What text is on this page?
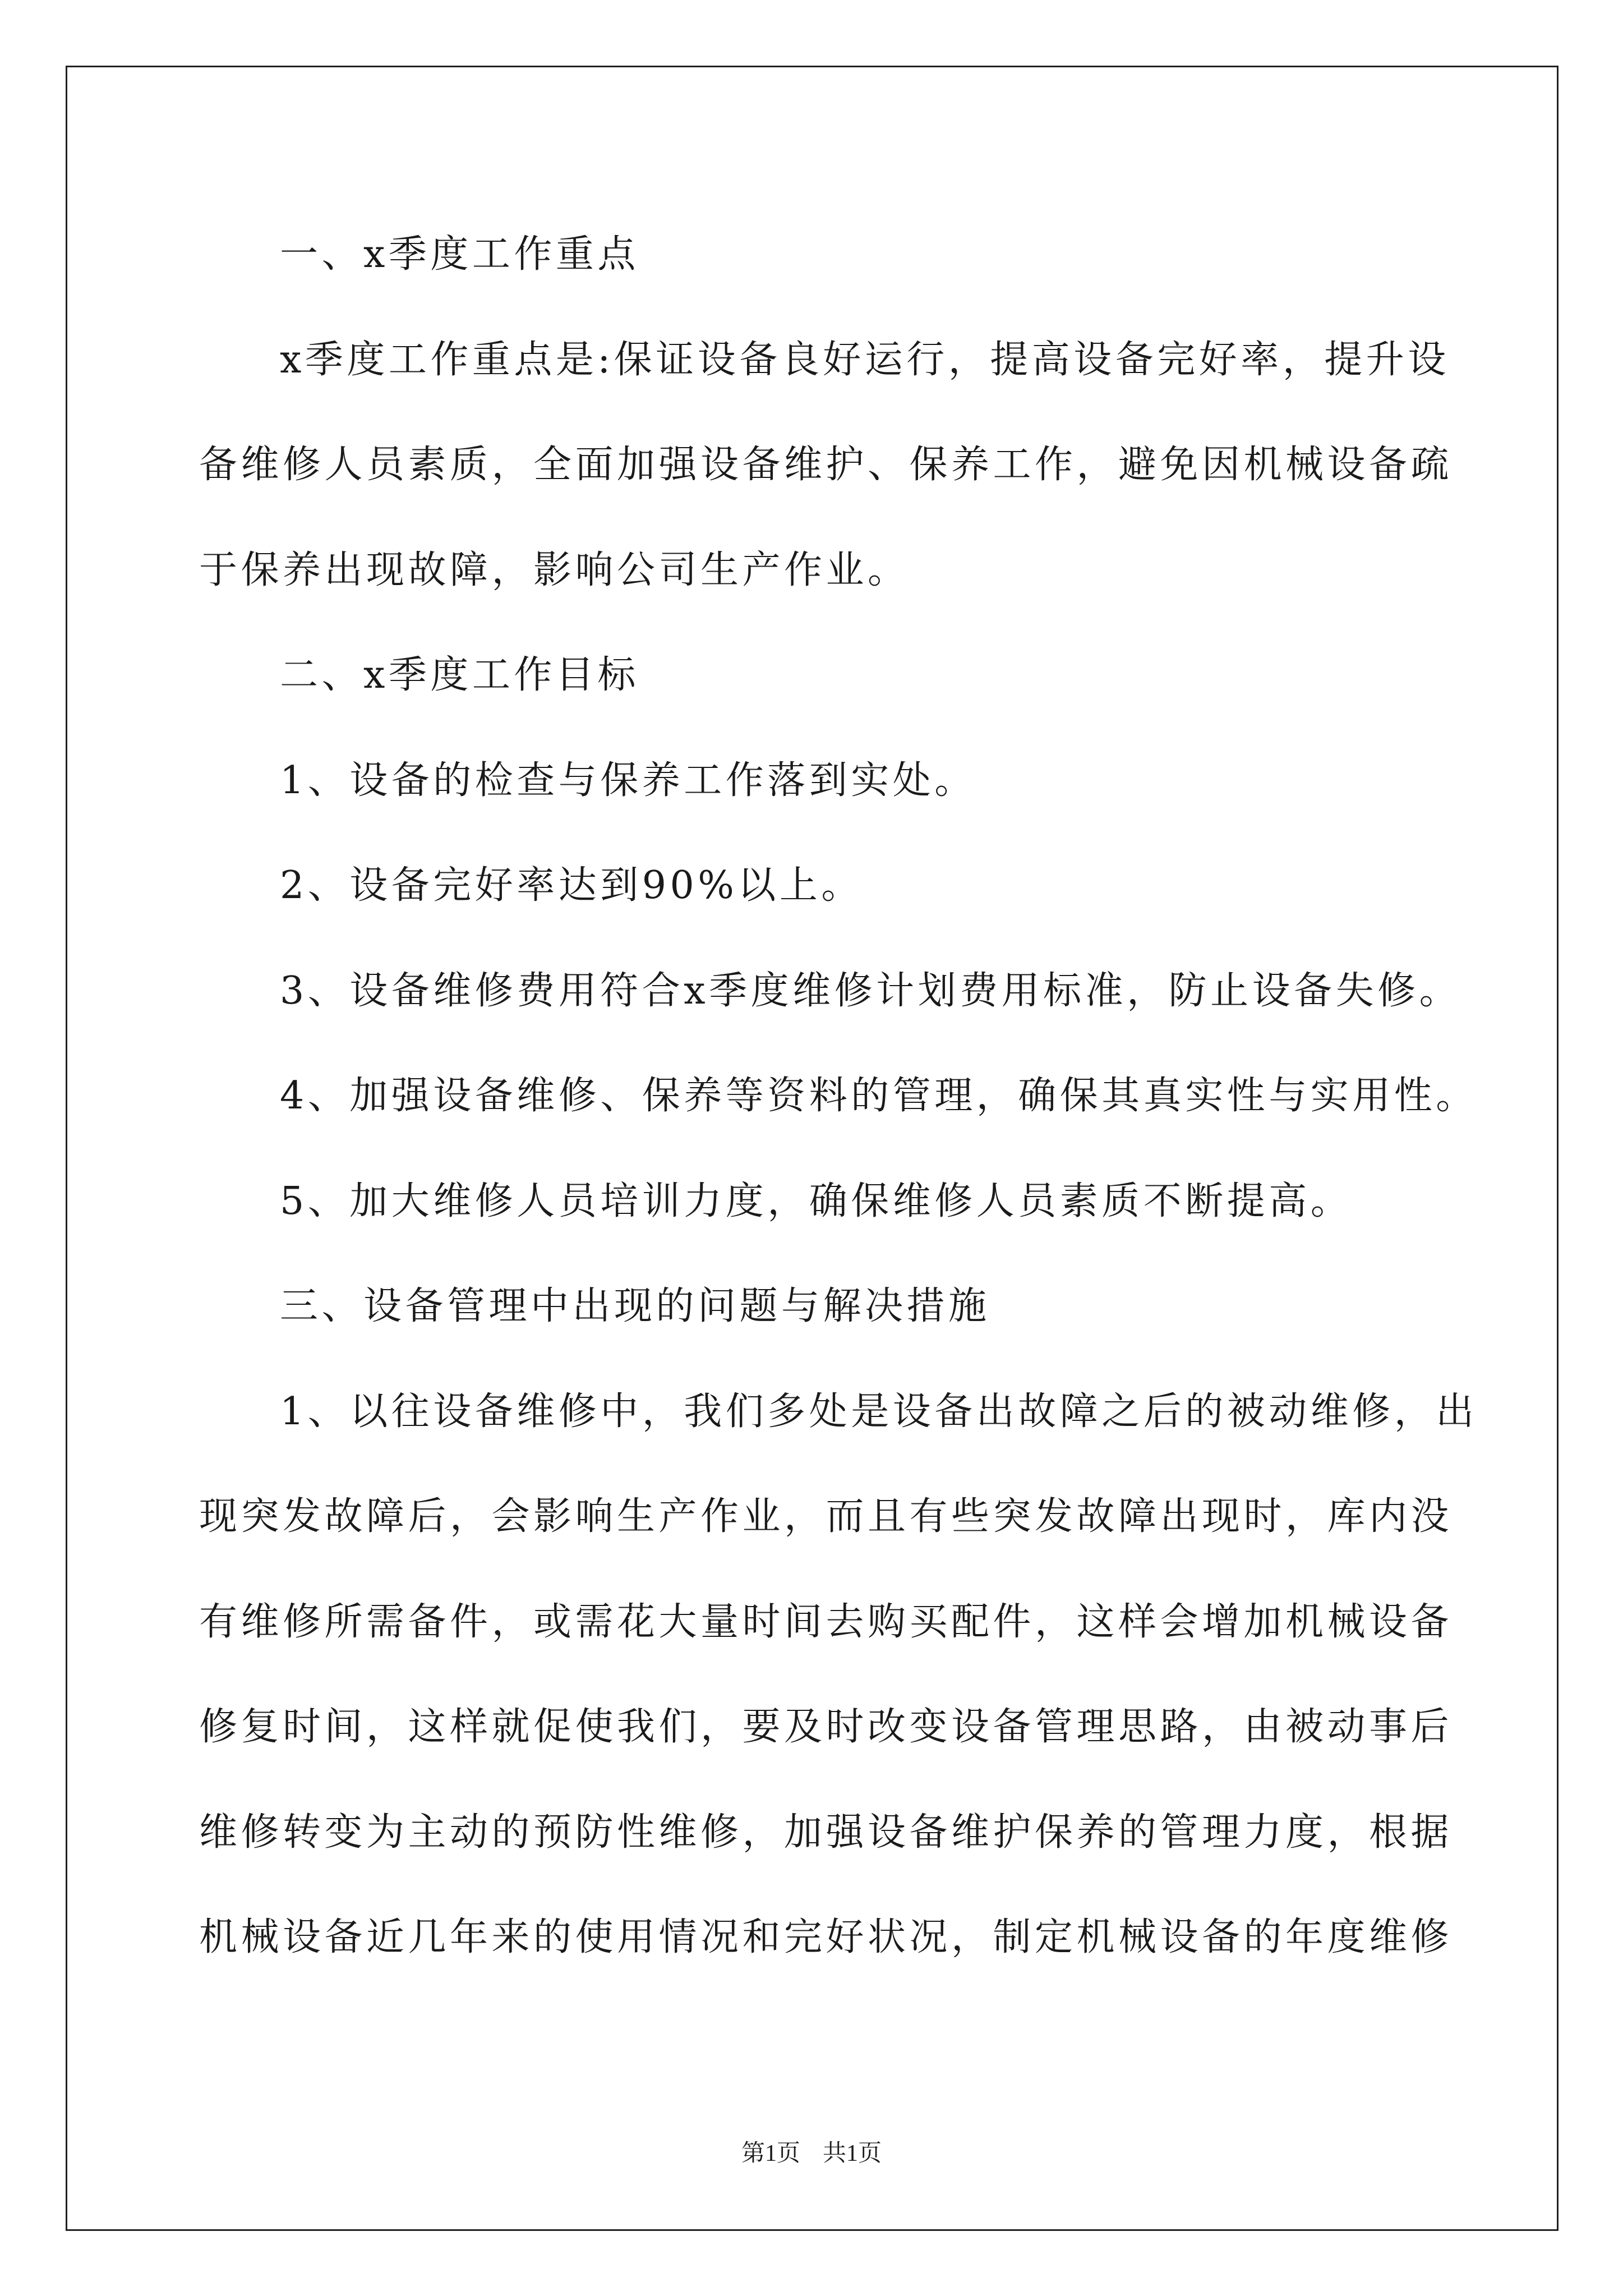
一、x季度工作重点
x季度工作重点是:保证设备良好运行，提高设备完好率，提升设
备维修人员素质，全面加强设备维护、保养工作，避免因机械设备疏
于保养出现故障，影响公司生产作业。
二、x季度工作目标
1、设备的检查与保养工作落到实处。
2、设备完好率达到90%以上。
3、设备维修费用符合x季度维修计划费用标准，防止设备失修。
4、加强设备维修、保养等资料的管理，确保其真实性与实用性。
5、加大维修人员培训力度，确保维修人员素质不断提高。
三、设备管理中出现的问题与解决措施
1、以往设备维修中，我们多处是设备出故障之后的被动维修，出
现突发故障后，会影响生产作业，而且有些突发故障出现时，库内没
有维修所需备件，或需花大量时间去购买配件，这样会增加机械设备
修复时间，这样就促使我们，要及时改变设备管理思路，由被动事后
维修转变为主动的预防性维修，加强设备维护保养的管理力度，根据
机械设备近几年来的使用情况和完好状况，制定机械设备的年度维修
第1页 共1页
